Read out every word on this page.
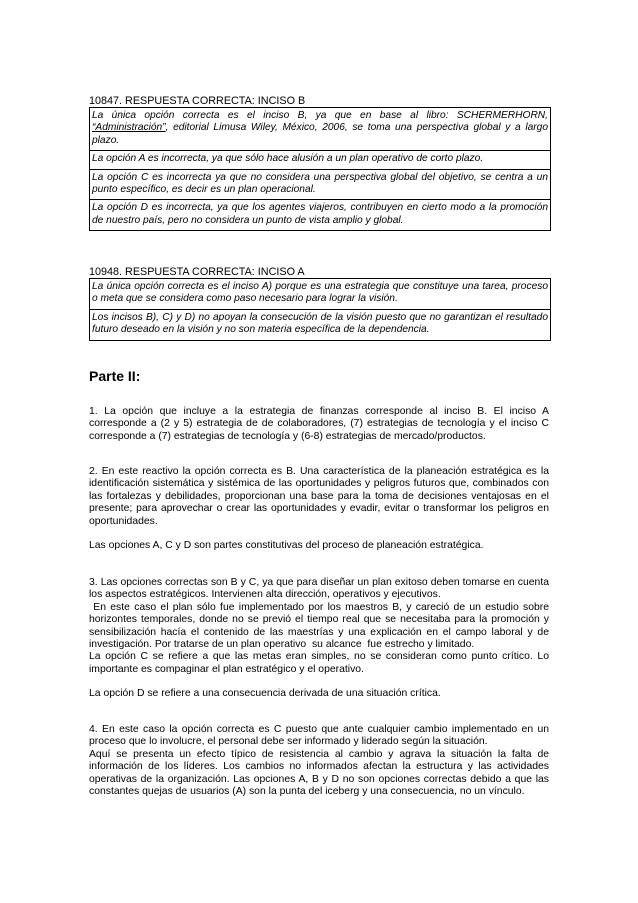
10847. RESPUESTA CORRECTA: INCISO B
La única opción correcta es el inciso B, ya que en base al libro: SCHERMERHORN, “Administración”, editorial Limusa Wiley, México, 2006, se toma una perspectiva global y a largo plazo.
La opción A es incorrecta, ya que sólo hace alusión a un plan operativo de corto plazo.
La opción C es incorrecta ya que no considera una perspectiva global del objetivo, se centra a un punto específico, es decir es un plan operacional.
La opción D es incorrecta, ya que los agentes viajeros, contribuyen en cierto modo a la promoción de nuestro país, pero no considera un punto de vista amplio y global.
10948. RESPUESTA CORRECTA: INCISO A
La única opción correcta es el inciso A) porque es una estrategia que constituye una tarea, proceso o meta que se considera como paso necesario para lograr la visión.
Los incisos B), C) y D) no apoyan la consecución de la visión puesto que no garantizan el resultado futuro deseado en la visión y no son materia específica de la dependencia.
Parte II:

1. La opción que incluye a la estrategia de finanzas corresponde al inciso B. El inciso A corresponde a (2 y 5) estrategia de de colaboradores, (7) estrategias de tecnología y el inciso C corresponde a (7) estrategias de tecnología y (6-8) estrategias de mercado/productos.

2. En este reactivo la opción correcta es B. Una característica de la planeación estratégica es la identificación sistemática y sistémica de las oportunidades y peligros futuros que, combinados con las fortalezas y debilidades, proporcionan una base para la toma de decisiones ventajosas en el presente; para aprovechar o crear las oportunidades y evadir, evitar o transformar los peligros en oportunidades.

Las opciones A, C y D son partes constitutivas del proceso de planeación estratégica.

3. Las opciones correctas son B y C, ya que para diseñar un plan exitoso deben tomarse en cuenta los aspectos estratégicos. Intervienen alta dirección, operativos y ejecutivos.

En este caso el plan sólo fue implementado por los maestros B, y careció de un estudio sobre horizontes temporales, donde no se previó el tiempo real que se necesitaba para la promoción y sensibilización hacía el contenido de las maestrías y una explicación en el campo laboral y de investigación. Por tratarse de un plan operativo  su alcance  fue estrecho y limitado.

La opción C se refiere a que las metas eran simples, no se consideran como punto crítico. Lo importante es compaginar el plan estratégico y el operativo.

La opción D se refiere a una consecuencia derivada de una situación crítica.

4. En este caso la opción correcta es C puesto que ante cualquier cambio implementado en un proceso que lo involucre, el personal debe ser informado y liderado según la situación.

Aquí se presenta un efecto típico de resistencia al cambio y agrava la situación la falta de información de los líderes. Los cambios no informados afectan la estructura y las actividades operativas de la organización. Las opciones A, B y D no son opciones correctas debido a que las constantes quejas de usuarios (A) son la punta del iceberg y una consecuencia, no un vínculo.
